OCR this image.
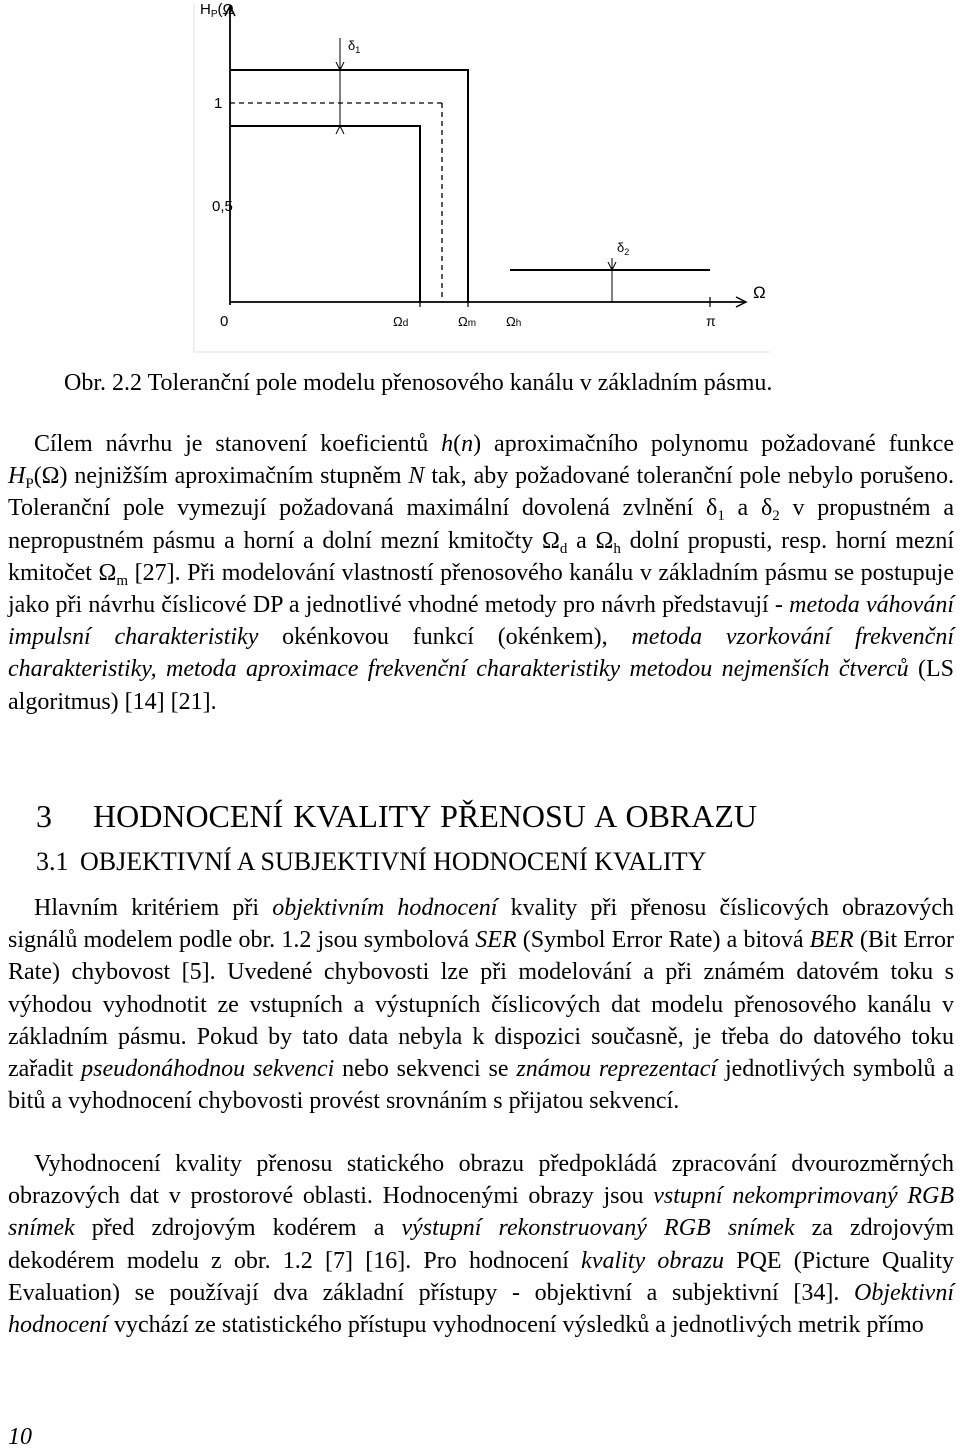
$H_P(\Omega$
1
0,5
0
$\delta_1$
$\delta_2$
Ωd	Ωm Ωh	π
Ω
Obr. 2.2 Toleranční pole modelu přenosového kanálu v základním pásmu.

Cílem návrhu je stanovení koeficientů h(n) aproximačního polynomu požadované funkce $H_P(\Omega)$ nejnižším aproximačním stupněm N tak, aby požadované toleranční pole nebylo porušeno. Toleranční pole vymezují požadovaná maximální dovolená zvlnění $\delta_1$ a $\delta_2$ v propustném a nepropustném pásmu a horní a dolní mezní kmitočty $\Omega_d$ a $\Omega_h$ dolní propusti, resp. horní mezní kmitočet $\Omega_m$ [27]. Při modelování vlastností přenosového kanálu v základním pásmu se postupuje jako při návrhu číslicové DP a jednotlivé vhodné metody pro návrh představují - metoda váhování impulsní charakteristiky okénkovou funkcí (okénkem), metoda vzorkování frekvenční charakteristiky, metoda aproximace frekvenční charakteristiky metodou nejmenších čtverců (LS algoritmus) [14] [21].

3 HODNOCENÍ KVALITY PŘENOSU A OBRAZU
3.1 OBJEKTIVNÍ A SUBJEKTIVNÍ HODNOCENÍ KVALITY

Hlavním kritériem při objektivním hodnocení kvality při přenosu číslicových obrazových signálů modelem podle obr. 1.2 jsou symbolová SER (Symbol Error Rate) a bitová BER (Bit Error Rate) chybovost [5]. Uvedené chybovosti lze při modelování a při známém datovém toku s výhodou vyhodnotit ze vstupních a výstupních číslicových dat modelu přenosového kanálu v základním pásmu. Pokud by tato data nebyla k dispozici současně, je třeba do datového toku zařadit pseudonáhodnou sekvenci nebo sekvenci se známou reprezentací jednotlivých symbolů a bitů a vyhodnocení chybovosti provést srovnáním s přijatou sekvencí.

Vyhodnocení kvality přenosu statického obrazu předpokládá zpracování dvourozměrných obrazových dat v prostorové oblasti. Hodnocenými obrazy jsou vstupní nekomprimovaný RGB snímek před zdrojovým kodérem a výstupní rekonstruovaný RGB snímek za zdrojovým dekodérem modelu z obr. 1.2 [7] [16]. Pro hodnocení kvality obrazu PQE (Picture Quality Evaluation) se používají dva základní přístupy - objektivní a subjektivní [34]. Objektivní hodnocení vychází ze statistického přístupu vyhodnocení výsledků a jednotlivých metrik přímo

10
